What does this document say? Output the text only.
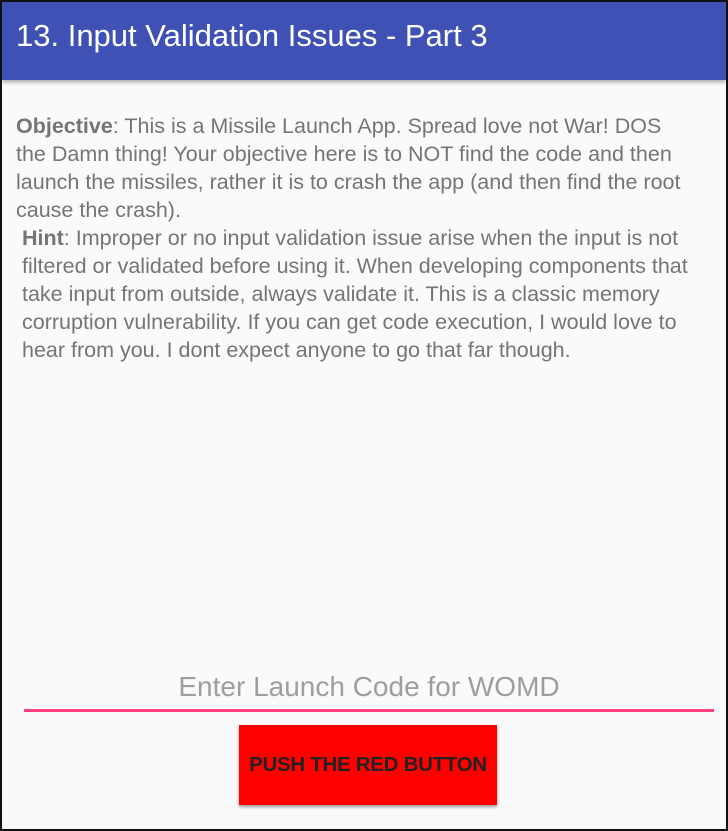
13. Input Validation Issues - Part 3

Objective: This is a Missile Launch App. Spread love not War! DOS the Damn thing! Your objective here is to NOT find the code and then launch the missiles, rather it is to crash the app (and then find the root cause the crash).

Hint: Improper or no input validation issue arise when the input is not filtered or validated before using it. When developing components that take input from outside, always validate it. This is a classic memory corruption vulnerability. If you can get code execution, I would love to hear from you. I dont expect anyone to go that far though.

Enter Launch Code for WOMD
PUSH THE RED BUTTON
